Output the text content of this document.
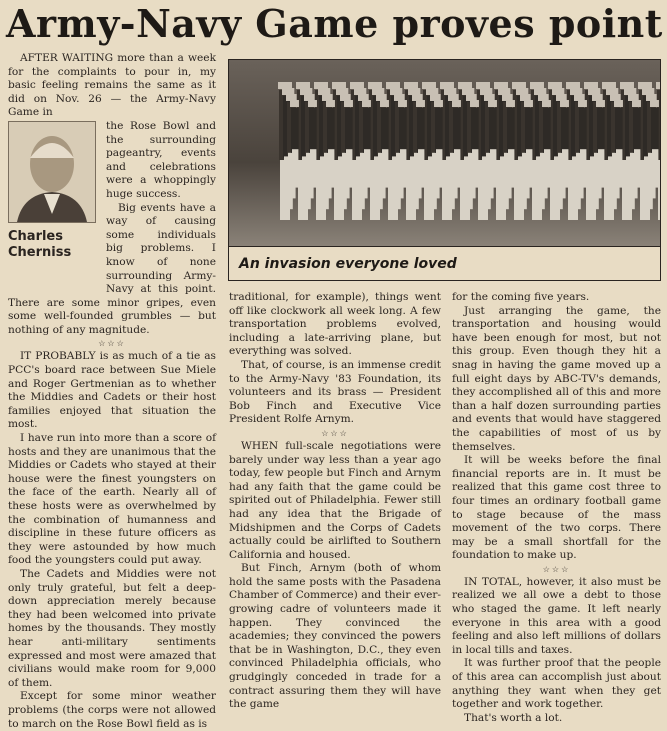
Army-Navy Game proves point
An invasion everyone loved

AFTER WAITING more than a week for the complaints to pour in, my basic feeling remains the same as it did on Nov. 26 — the Army-Navy Game in

Charles
Cherniss

the Rose Bowl and the surrounding pageantry, events and celebrations were a whoppingly huge success.

Big events have a way of causing some individuals big problems. I know of none surrounding Army-Navy at this point. There are some minor gripes, even some well-founded grumbles — but nothing of any magnitude.

☆☆☆

IT PROBABLY is as much of a tie as PCC's board race between Sue Miele and Roger Gertmenian as to whether the Middies and Cadets or their host families enjoyed that situation the most.

I have run into more than a score of hosts and they are unanimous that the Middies or Cadets who stayed at their house were the finest youngsters on the face of the earth. Nearly all of these hosts were as overwhelmed by the combination of humanness and discipline in these future officers as they were astounded by how much food the youngsters could put away.

The Cadets and Middies were not only truly grateful, but felt a deep-down appreciation merely because they had been welcomed into private homes by the thousands. They mostly hear anti-military sentiments expressed and most were amazed that civilians would make room for 9,000 of them.

Except for some minor weather problems (the corps were not allowed to march on the Rose Bowl field as is

traditional, for example), things went off like clockwork all week long. A few transportation problems evolved, including a late-arriving plane, but everything was solved.

That, of course, is an immense credit to the Army-Navy '83 Foundation, its volunteers and its brass — President Bob Finch and Executive Vice President Rolfe Arnym.

☆☆☆

WHEN full-scale negotiations were barely under way less than a year ago today, few people but Finch and Arnym had any faith that the game could be spirited out of Philadelphia. Fewer still had any idea that the Brigade of Midshipmen and the Corps of Cadets actually could be airlifted to Southern California and housed.

But Finch, Arnym (both of whom hold the same posts with the Pasadena Chamber of Commerce) and their ever-growing cadre of volunteers made it happen. They convinced the academies; they convinced the powers that be in Washington, D.C., they even convinced Philadelphia officials, who grudgingly conceded in trade for a contract assuring them they will have the game

for the coming five years.

Just arranging the game, the transportation and housing would have been enough for most, but not this group. Even though they hit a snag in having the game moved up a full eight days by ABC-TV's demands, they accomplished all of this and more than a half dozen surrounding parties and events that would have staggered the capabilities of most of us by themselves.

It will be weeks before the final financial reports are in. It must be realized that this game cost three to four times an ordinary football game to stage because of the mass movement of the two corps. There may be a small shortfall for the foundation to make up.

☆☆☆

IN TOTAL, however, it also must be realized we all owe a debt to those who staged the game. It left nearly everyone in this area with a good feeling and also left millions of dollars in local tills and taxes.

It was further proof that the people of this area can accomplish just about anything they want when they get together and work together.

That's worth a lot.
